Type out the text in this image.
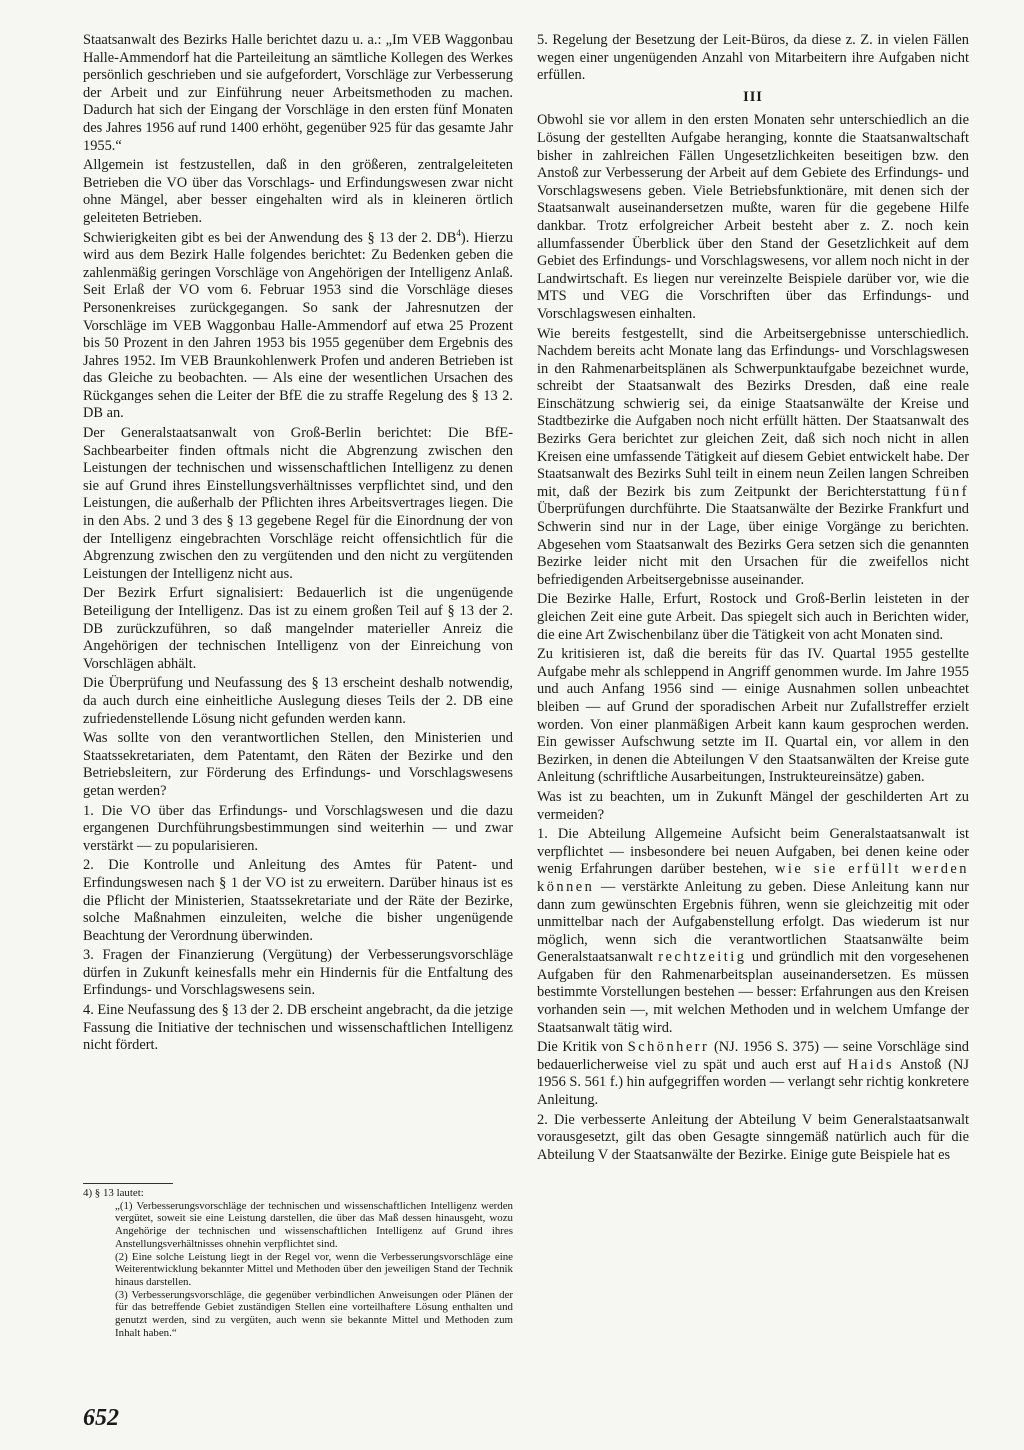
Staatsanwalt des Bezirks Halle berichtet dazu u. a.: „Im VEB Waggonbau Halle-Ammendorf hat die Parteileitung an sämtliche Kollegen des Werkes persönlich geschrieben und sie aufgefordert, Vorschläge zur Verbesserung der Arbeit und zur Einführung neuer Arbeitsmethoden zu machen. Dadurch hat sich der Eingang der Vorschläge in den ersten fünf Monaten des Jahres 1956 auf rund 1400 erhöht, gegenüber 925 für das gesamte Jahr 1955.“

Allgemein ist festzustellen, daß in den größeren, zentralgeleiteten Betrieben die VO über das Vorschlags- und Erfindungswesen zwar nicht ohne Mängel, aber besser eingehalten wird als in kleineren örtlich geleiteten Betrieben.

Schwierigkeiten gibt es bei der Anwendung des § 13 der 2. $DB^4$). Hierzu wird aus dem Bezirk Halle folgendes berichtet: Zu Bedenken geben die zahlenmäßig geringen Vorschläge von Angehörigen der Intelligenz Anlaß. Seit Erlaß der VO vom 6. Februar 1953 sind die Vorschläge dieses Personenkreises zurückgegangen. So sank der Jahresnutzen der Vorschläge im VEB Waggonbau Halle-Ammendorf auf etwa 25 Prozent bis 50 Prozent in den Jahren 1953 bis 1955 gegenüber dem Ergebnis des Jahres 1952. Im VEB Braunkohlenwerk Profen und anderen Betrieben ist das Gleiche zu beobachten. — Als eine der wesentlichen Ursachen des Rückganges sehen die Leiter der BfE die zu straffe Regelung des § 13 2. DB an.

Der Generalstaatsanwalt von Groß-Berlin berichtet: Die BfE-Sachbearbeiter finden oftmals nicht die Abgrenzung zwischen den Leistungen der technischen und wissenschaftlichen Intelligenz zu denen sie auf Grund ihres Einstellungsverhältnisses verpflichtet sind, und den Leistungen, die außerhalb der Pflichten ihres Arbeitsvertrages liegen. Die in den Abs. 2 und 3 des § 13 gegebene Regel für die Einordnung der von der Intelligenz eingebrachten Vorschläge reicht offensichtlich für die Abgrenzung zwischen den zu vergütenden und den nicht zu vergütenden Leistungen der Intelligenz nicht aus.

Der Bezirk Erfurt signalisiert: Bedauerlich ist die ungenügende Beteiligung der Intelligenz. Das ist zu einem großen Teil auf § 13 der 2. DB zurückzuführen, so daß mangelnder materieller Anreiz die Angehörigen der technischen Intelligenz von der Einreichung von Vorschlägen abhält.

Die Überprüfung und Neufassung des § 13 erscheint deshalb notwendig, da auch durch eine einheitliche Auslegung dieses Teils der 2. DB eine zufriedenstellende Lösung nicht gefunden werden kann.

Was sollte von den verantwortlichen Stellen, den Ministerien und Staatssekretariaten, dem Patentamt, den Räten der Bezirke und den Betriebsleitern, zur Förderung des Erfindungs- und Vorschlagswesens getan werden?

1. Die VO über das Erfindungs- und Vorschlagswesen und die dazu ergangenen Durchführungsbestimmungen sind weiterhin — und zwar verstärkt — zu popularisieren.

2. Die Kontrolle und Anleitung des Amtes für Patent- und Erfindungswesen nach § 1 der VO ist zu erweitern. Darüber hinaus ist es die Pflicht der Ministerien, Staatssekretariate und der Räte der Bezirke, solche Maßnahmen einzuleiten, welche die bisher ungenügende Beachtung der Verordnung überwinden.

3. Fragen der Finanzierung (Vergütung) der Verbesserungsvorschläge dürfen in Zukunft keinesfalls mehr ein Hindernis für die Entfaltung des Erfindungs- und Vorschlagswesens sein.

4. Eine Neufassung des § 13 der 2. DB erscheint angebracht, da die jetzige Fassung die Initiative der technischen und wissenschaftlichen Intelligenz nicht fördert.

4) § 13 lautet:

„(1) Verbesserungsvorschläge der technischen und wissenschaftlichen Intelligenz werden vergütet, soweit sie eine Leistung darstellen, die über das Maß dessen hinausgeht, wozu Angehörige der technischen und wissenschaftlichen Intelligenz auf Grund ihres Anstellungsverhältnisses ohnehin verpflichtet sind.

(2) Eine solche Leistung liegt in der Regel vor, wenn die Verbesserungsvorschläge eine Weiterentwicklung bekannter Mittel und Methoden über den jeweiligen Stand der Technik hinaus darstellen.

(3) Verbesserungsvorschläge, die gegenüber verbindlichen Anweisungen oder Plänen der für das betreffende Gebiet zuständigen Stellen eine vorteilhaftere Lösung enthalten und genutzt werden, sind zu vergüten, auch wenn sie bekannte Mittel und Methoden zum Inhalt haben.“

652

5. Regelung der Besetzung der Leit-Büros, da diese z. Z. in vielen Fällen wegen einer ungenügenden Anzahl von Mitarbeitern ihre Aufgaben nicht erfüllen.

III

Obwohl sie vor allem in den ersten Monaten sehr unterschiedlich an die Lösung der gestellten Aufgabe heranging, konnte die Staatsanwaltschaft bisher in zahlreichen Fällen Ungesetzlichkeiten beseitigen bzw. den Anstoß zur Verbesserung der Arbeit auf dem Gebiete des Erfindungs- und Vorschlagswesens geben. Viele Betriebsfunktionäre, mit denen sich der Staatsanwalt auseinandersetzen mußte, waren für die gegebene Hilfe dankbar. Trotz erfolgreicher Arbeit besteht aber z. Z. noch kein allumfassender Überblick über den Stand der Gesetzlichkeit auf dem Gebiet des Erfindungs- und Vorschlagswesens, vor allem noch nicht in der Landwirtschaft. Es liegen nur vereinzelte Beispiele darüber vor, wie die MTS und VEG die Vorschriften über das Erfindungs- und Vorschlagswesen einhalten.

Wie bereits festgestellt, sind die Arbeitsergebnisse unterschiedlich. Nachdem bereits acht Monate lang das Erfindungs- und Vorschlagswesen in den Rahmenarbeitsplänen als Schwerpunktaufgabe bezeichnet wurde, schreibt der Staatsanwalt des Bezirks Dresden, daß eine reale Einschätzung schwierig sei, da einige Staatsanwälte der Kreise und Stadtbezirke die Aufgaben noch nicht erfüllt hätten. Der Staatsanwalt des Bezirks Gera berichtet zur gleichen Zeit, daß sich noch nicht in allen Kreisen eine umfassende Tätigkeit auf diesem Gebiet entwickelt habe. Der Staatsanwalt des Bezirks Suhl teilt in einem neun Zeilen langen Schreiben mit, daß der Bezirk bis zum Zeitpunkt der Berichterstattung fünf Überprüfungen durchführte. Die Staatsanwälte der Bezirke Frankfurt und Schwerin sind nur in der Lage, über einige Vorgänge zu berichten. Abgesehen vom Staatsanwalt des Bezirks Gera setzen sich die genannten Bezirke leider nicht mit den Ursachen für die zweifellos nicht befriedigenden Arbeitsergebnisse auseinander.

Die Bezirke Halle, Erfurt, Rostock und Groß-Berlin leisteten in der gleichen Zeit eine gute Arbeit. Das spiegelt sich auch in Berichten wider, die eine Art Zwischenbilanz über die Tätigkeit von acht Monaten sind.

Zu kritisieren ist, daß die bereits für das IV. Quartal 1955 gestellte Aufgabe mehr als schleppend in Angriff genommen wurde. Im Jahre 1955 und auch Anfang 1956 sind — einige Ausnahmen sollen unbeachtet bleiben — auf Grund der sporadischen Arbeit nur Zufallstreffer erzielt worden. Von einer planmäßigen Arbeit kann kaum gesprochen werden. Ein gewisser Aufschwung setzte im II. Quartal ein, vor allem in den Bezirken, in denen die Abteilungen V den Staatsanwälten der Kreise gute Anleitung (schriftliche Ausarbeitungen, Instrukteureinsätze) gaben.

Was ist zu beachten, um in Zukunft Mängel der geschilderten Art zu vermeiden?

1. Die Abteilung Allgemeine Aufsicht beim Generalstaatsanwalt ist verpflichtet — insbesondere bei neuen Aufgaben, bei denen keine oder wenig Erfahrungen darüber bestehen, wie sie erfüllt werden können — verstärkte Anleitung zu geben. Diese Anleitung kann nur dann zum gewünschten Ergebnis führen, wenn sie gleichzeitig mit oder unmittelbar nach der Aufgabenstellung erfolgt. Das wiederum ist nur möglich, wenn sich die verantwortlichen Staatsanwälte beim Generalstaatsanwalt rechtzeitig und gründlich mit den vorgesehenen Aufgaben für den Rahmenarbeitsplan auseinandersetzen. Es müssen bestimmte Vorstellungen bestehen — besser: Erfahrungen aus den Kreisen vorhanden sein —, mit welchen Methoden und in welchem Umfange der Staatsanwalt tätig wird.

Die Kritik von Schönherr (NJ. 1956 S. 375) — seine Vorschläge sind bedauerlicherweise viel zu spät und auch erst auf Haids Anstoß (NJ 1956 S. 561 f.) hin aufgegriffen worden — verlangt sehr richtig konkretere Anleitung.

2. Die verbesserte Anleitung der Abteilung V beim Generalstaatsanwalt vorausgesetzt, gilt das oben Gesagte sinngemäß natürlich auch für die Abteilung V der Staatsanwälte der Bezirke. Einige gute Beispiele hat es
